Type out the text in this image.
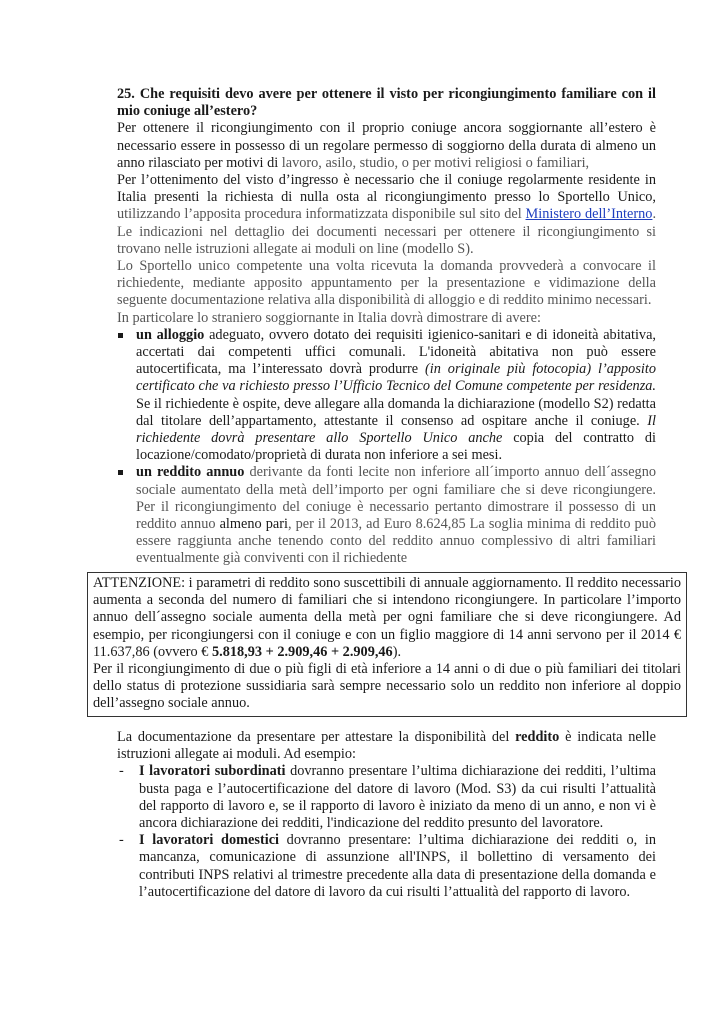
25. Che requisiti devo avere per ottenere il visto per ricongiungimento familiare con il mio coniuge all’estero?

Per ottenere il ricongiungimento con il proprio coniuge ancora soggiornante all’estero è necessario essere in possesso di un regolare permesso di soggiorno della durata di almeno un anno rilasciato per motivi di lavoro, asilo, studio, o per motivi religiosi o familiari,

Per l’ottenimento del visto d’ingresso è necessario che il coniuge regolarmente residente in Italia presenti la richiesta di nulla osta al ricongiungimento presso lo Sportello Unico, utilizzando l’apposita procedura informatizzata disponibile sul sito del Ministero dell’Interno. Le indicazioni nel dettaglio dei documenti necessari per ottenere il ricongiungimento si trovano nelle istruzioni allegate ai moduli on line (modello S).

Lo Sportello unico competente una volta ricevuta la domanda provvederà a convocare il richiedente, mediante apposito appuntamento per la presentazione e vidimazione della seguente documentazione relativa alla disponibilità di alloggio e di reddito minimo necessari.

In particolare lo straniero soggiornante in Italia dovrà dimostrare di avere:

un alloggio adeguato, ovvero dotato dei requisiti igienico-sanitari e di idoneità abitativa, accertati dai competenti uffici comunali. L'idoneità abitativa non può essere autocertificata, ma l’interessato dovrà produrre (in originale più fotocopia) l’apposito certificato che va richiesto presso l’Ufficio Tecnico del Comune competente per residenza. Se il richiedente è ospite, deve allegare alla domanda la dichiarazione (modello S2) redatta dal titolare dell’appartamento, attestante il consenso ad ospitare anche il coniuge. Il richiedente dovrà presentare allo Sportello Unico anche copia del contratto di locazione/comodato/proprietà di durata non inferiore a sei mesi.
un reddito annuo derivante da fonti lecite non inferiore all´importo annuo dell´assegno sociale aumentato della metà dell’importo per ogni familiare che si deve ricongiungere. Per il ricongiungimento del coniuge è necessario pertanto dimostrare il possesso di un reddito annuo almeno pari, per il 2013, ad Euro 8.624,85 La soglia minima di reddito può essere raggiunta anche tenendo conto del reddito annuo complessivo di altri familiari eventualmente già conviventi con il richiedente

ATTENZIONE: i parametri di reddito sono suscettibili di annuale aggiornamento. Il reddito necessario aumenta a seconda del numero di familiari che si intendono ricongiungere. In particolare l’importo annuo dell´assegno sociale aumenta della metà per ogni familiare che si deve ricongiungere. Ad esempio, per ricongiungersi con il coniuge e con un figlio maggiore di 14 anni servono per il 2014 € 11.637,86 (ovvero € 5.818,93 + 2.909,46 + 2.909,46).

Per il ricongiungimento di due o più figli di età inferiore a 14 anni o di due o più familiari dei titolari dello status di protezione sussidiaria sarà sempre necessario solo un reddito non inferiore al doppio dell’assegno sociale annuo.

La documentazione da presentare per attestare la disponibilità del reddito è indicata nelle istruzioni allegate ai moduli. Ad esempio:

- I lavoratori subordinati dovranno presentare l’ultima dichiarazione dei redditi, l’ultima busta paga e l’autocertificazione del datore di lavoro (Mod. S3) da cui risulti l’attualità del rapporto di lavoro e, se il rapporto di lavoro è iniziato da meno di un anno, e non vi è ancora dichiarazione dei redditi, l'indicazione del reddito presunto del lavoratore.
- I lavoratori domestici dovranno presentare: l’ultima dichiarazione dei redditi o, in mancanza, comunicazione di assunzione all'INPS, il bollettino di versamento dei contributi INPS relativi al trimestre precedente alla data di presentazione della domanda e l’autocertificazione del datore di lavoro da cui risulti l’attualità del rapporto di lavoro.
